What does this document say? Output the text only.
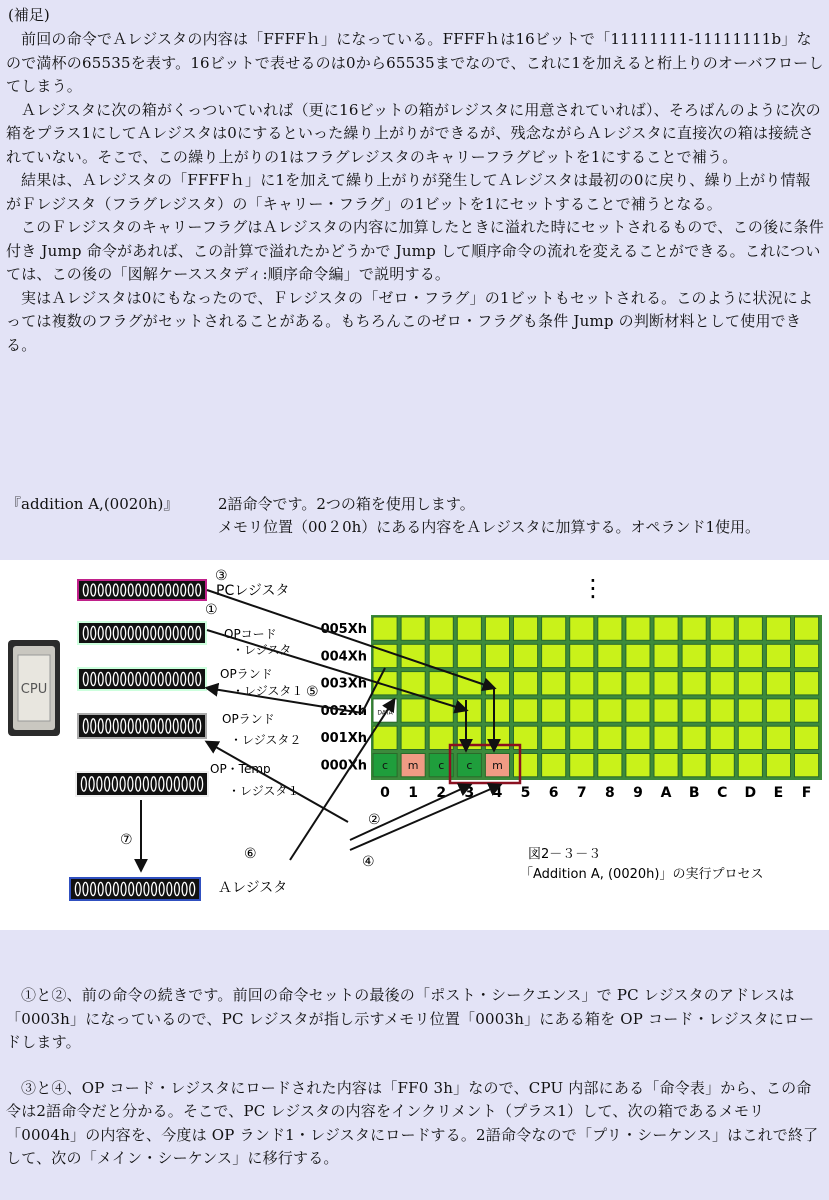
(補足)

前回の命令でＡレジスタの内容は「FFFFｈ」になっている。FFFFｈは16ビットで「11111111-11111111b」なので満杯の65535を表す。16ビットで表せるのは0から65535までなので、これに1を加えると桁上りのオーバフローしてしまう。

Ａレジスタに次の箱がくっついていれば（更に16ビットの箱がレジスタに用意されていれば）、そろばんのように次の箱をプラス1にしてＡレジスタは0にするといった繰り上がりができるが、残念ながらＡレジスタに直接次の箱は接続されていない。そこで、この繰り上がりの1はフラグレジスタのキャリーフラグビットを1にすることで補う。

結果は、Ａレジスタの「FFFFｈ」に1を加えて繰り上がりが発生してＡレジスタは最初の0に戻り、繰り上がり情報がＦレジスタ（フラグレジスタ）の「キャリー・フラグ」の1ビットを1にセットすることで補うとなる。

このＦレジスタのキャリーフラグはＡレジスタの内容に加算したときに溢れた時にセットされるもので、この後に条件付き Jump 命令があれば、この計算で溢れたかどうかで Jump して順序命令の流れを変えることができる。これについては、この後の「図解ケーススタディ:順序命令編」で説明する。

実はＡレジスタは0にもなったので、Ｆレジスタの「ゼロ・フラグ」の1ビットもセットされる。このように状況によっては複数のフラグがセットされることがある。もちろんこのゼロ・フラグも条件 Jump の判断材料として使用できる。

『addition A,(0020h)』	2語命令です。2つの箱を使用します。
メモリ位置（00２0h）にある内容をＡレジスタに加算する。オペランド1使用。
CPU
PCレジスタ
OPコード
・レジスタ
OPランド
・レジスタ１
OPランド
・レジスタ２
OP・Temp
・レジスタ１
Ａレジスタ
DATA
c m c c m
005Xh
004Xh
003Xh
002Xh
001Xh
000Xh
0 1 2 3 4 5 6 7 8 9 A B C D E F
⋮
③
①
⑤
②
④
⑥
⑦
図2－３－３
「Addition A, (0020h)」の実行プロセス

①と②、前の命令の続きです。前回の命令セットの最後の「ポスト・シークエンス」で PC レジスタのアドレスは「0003h」になっているので、PC レジスタが指し示すメモリ位置「0003h」にある箱を OP コード・レジスタにロードします。

③と④、OP コード・レジスタにロードされた内容は「FF0 3h」なので、CPU 内部にある「命令表」から、この命令は2語命令だと分かる。そこで、PC レジスタの内容をインクリメント（プラス1）して、次の箱であるメモリ「0004h」の内容を、今度は OP ランド1・レジスタにロードする。2語命令なので「プリ・シーケンス」はこれで終了して、次の「メイン・シーケンス」に移行する。
